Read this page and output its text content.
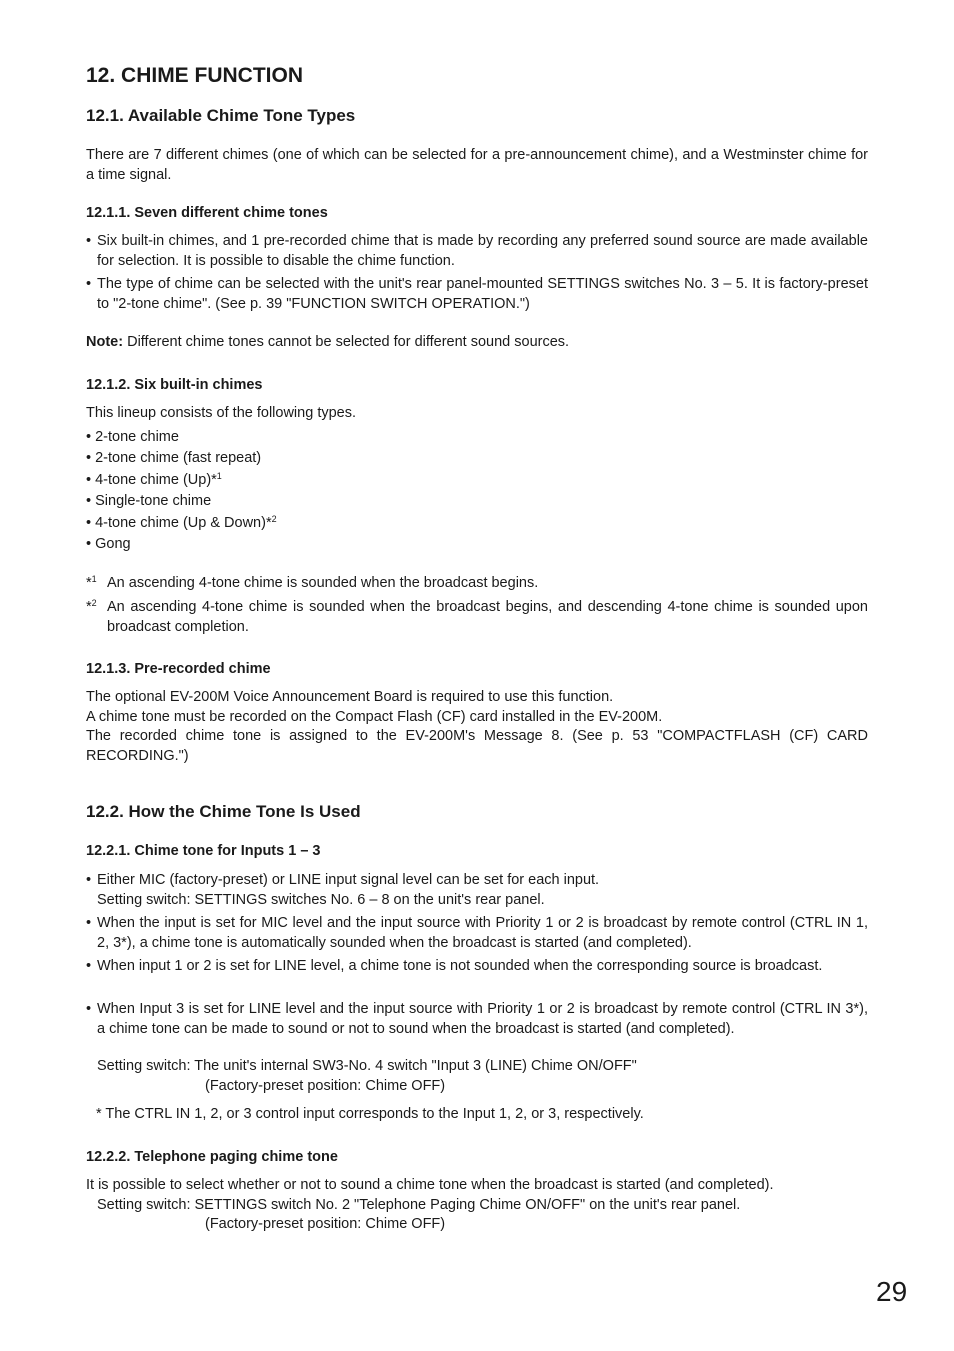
12. CHIME FUNCTION
12.1. Available Chime Tone Types

There are 7 different chimes (one of which can be selected for a pre-announcement chime), and a Westminster chime for a time signal.

12.1.1. Seven different chime tones
• Six built-in chimes, and 1 pre-recorded chime that is made by recording any preferred sound source are made available for selection. It is possible to disable the chime function.
• The type of chime can be selected with the unit's rear panel-mounted SETTINGS switches No. 3 – 5. It is factory-preset to "2-tone chime". (See p. 39 "FUNCTION SWITCH OPERATION.")

Note: Different chime tones cannot be selected for different sound sources.

12.1.2. Six built-in chimes

This lineup consists of the following types.

• 2-tone chime
• 2-tone chime (fast repeat)
• 4-tone chime (Up)*$^1$
• Single-tone chime
• 4-tone chime (Up & Down)*$^2$
• Gong
*$^1$ An ascending 4-tone chime is sounded when the broadcast begins.
*$^2$ An ascending 4-tone chime is sounded when the broadcast begins, and descending 4-tone chime is sounded upon broadcast completion.
12.1.3. Pre-recorded chime

The optional EV-200M Voice Announcement Board is required to use this function.

A chime tone must be recorded on the Compact Flash (CF) card installed in the EV-200M.

The recorded chime tone is assigned to the EV-200M's Message 8. (See p. 53 "COMPACTFLASH (CF) CARD RECORDING.")

12.2. How the Chime Tone Is Used
12.2.1. Chime tone for Inputs 1 – 3
• Either MIC (factory-preset) or LINE input signal level can be set for each input.
Setting switch: SETTINGS switches No. 6 – 8 on the unit's rear panel.
• When the input is set for MIC level and the input source with Priority 1 or 2 is broadcast by remote control (CTRL IN 1, 2, 3*), a chime tone is automatically sounded when the broadcast is started (and completed).
• When input 1 or 2 is set for LINE level, a chime tone is not sounded when the corresponding source is broadcast.
• When Input 3 is set for LINE level and the input source with Priority 1 or 2 is broadcast by remote control (CTRL IN 3*), a chime tone can be made to sound or not to sound when the broadcast is started (and completed).
Setting switch: The unit's internal SW3-No. 4 switch "Input 3 (LINE) Chime ON/OFF"
(Factory-preset position: Chime OFF)
* The CTRL IN 1, 2, or 3 control input corresponds to the Input 1, 2, or 3, respectively.
12.2.2. Telephone paging chime tone

It is possible to select whether or not to sound a chime tone when the broadcast is started (and completed).

Setting switch: SETTINGS switch No. 2 "Telephone Paging Chime ON/OFF" on the unit's rear panel.
(Factory-preset position: Chime OFF)
29
